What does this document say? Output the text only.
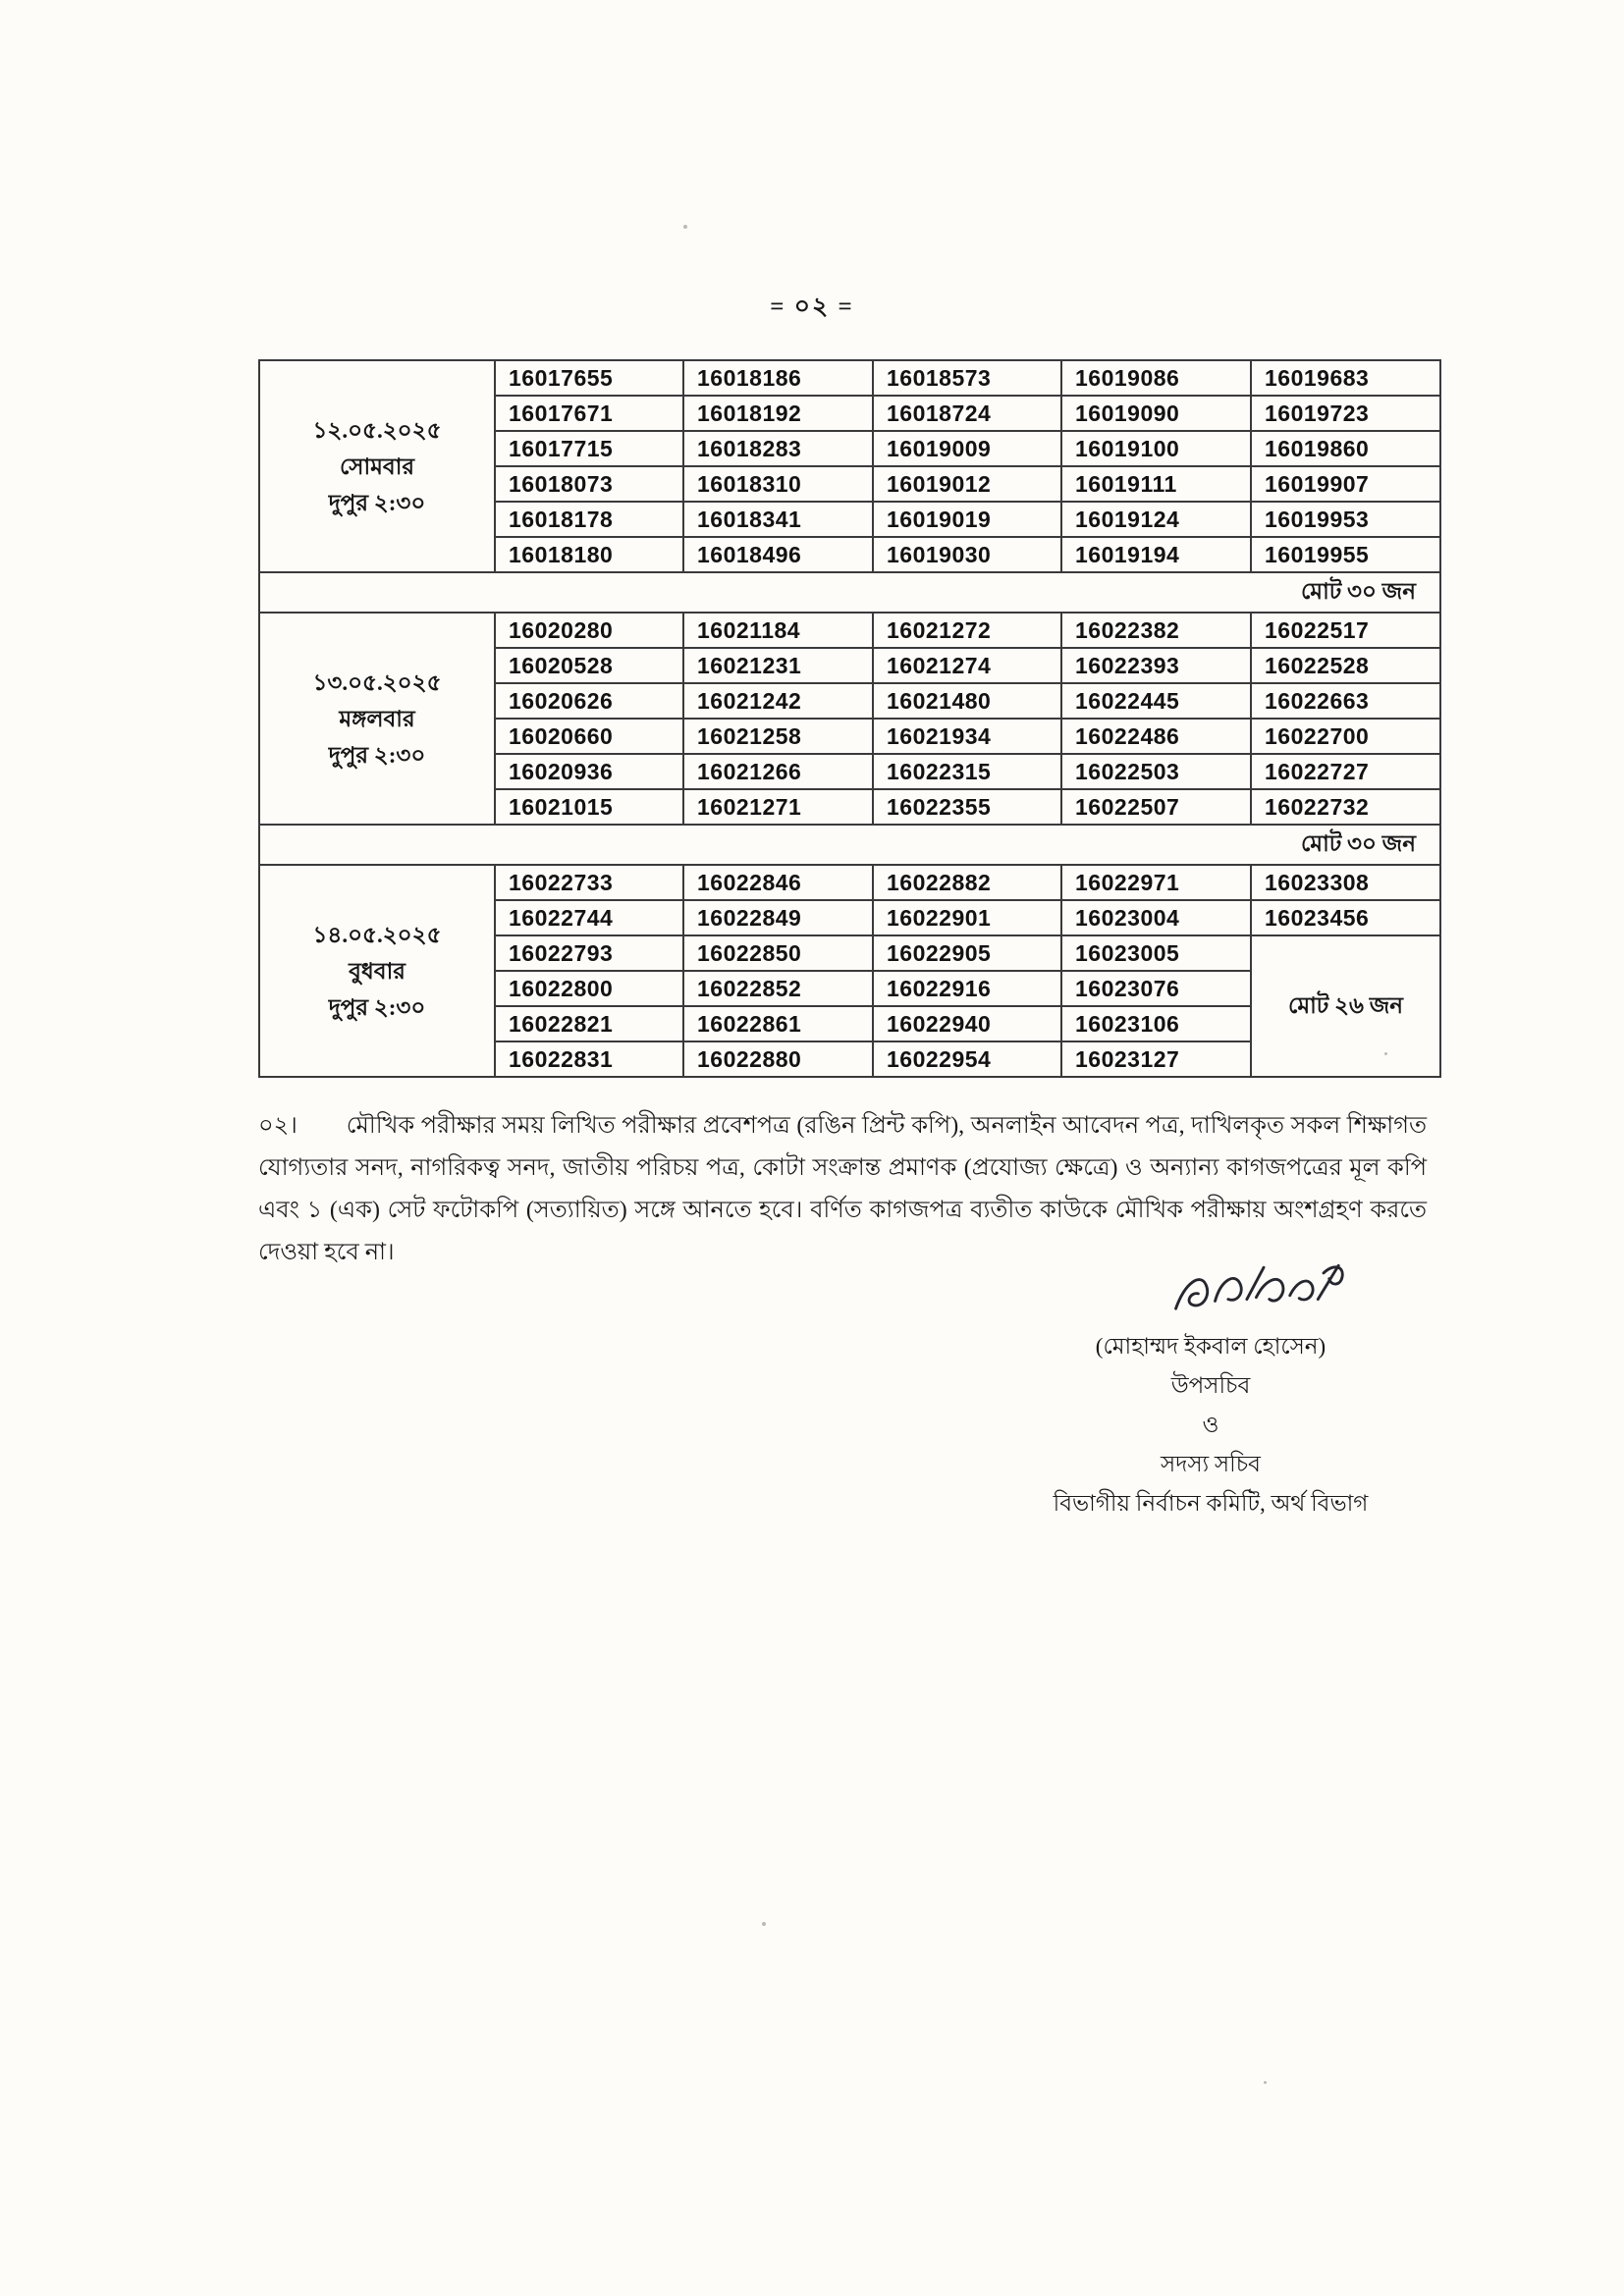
= ০২ =
১২.০৫.২০২৫
সোমবার
দুপুর ২:৩০	16017655	16018186	16018573	16019086	16019683
	16017671	16018192	16018724	16019090	16019723
	16017715	16018283	16019009	16019100	16019860
	16018073	16018310	16019012	16019111	16019907
	16018178	16018341	16019019	16019124	16019953
	16018180	16018496	16019030	16019194	16019955
মোট ৩০ জন					

১৩.০৫.২০২৫
মঙ্গলবার
দুপুর ২:৩০	16020280	16021184	16021272	16022382	16022517
	16020528	16021231	16021274	16022393	16022528
	16020626	16021242	16021480	16022445	16022663
	16020660	16021258	16021934	16022486	16022700
	16020936	16021266	16022315	16022503	16022727
	16021015	16021271	16022355	16022507	16022732
মোট ৩০ জন					

১৪.০৫.২০২৫
বুধবার
দুপুর ২:৩০	16022733	16022846	16022882	16022971	16023308
	16022744	16022849	16022901	16023004	16023456
	16022793	16022850	16022905	16023005	মোট ২৬ জন
	16022800	16022852	16022916	16023076	
	16022821	16022861	16022940	16023106	
	16022831	16022880	16022954	16023127	
০২। মৌখিক পরীক্ষার সময় লিখিত পরীক্ষার প্রবেশপত্র (রঙিন প্রিন্ট কপি), অনলাইন আবেদন পত্র, দাখিলকৃত সকল শিক্ষাগত যোগ্যতার সনদ, নাগরিকত্ব সনদ, জাতীয় পরিচয় পত্র, কোটা সংক্রান্ত প্রমাণক (প্রযোজ্য ক্ষেত্রে) ও অন্যান্য কাগজপত্রের মূল কপি এবং ১ (এক) সেট ফটোকপি (সত্যায়িত) সঙ্গে আনতে হবে। বর্ণিত কাগজপত্র ব্যতীত কাউকে মৌখিক পরীক্ষায় অংশগ্রহণ করতে দেওয়া হবে না।
(মোহাম্মদ ইকবাল হোসেন)
উপসচিব
ও
সদস্য সচিব
বিভাগীয় নির্বাচন কমিটি, অর্থ বিভাগ
